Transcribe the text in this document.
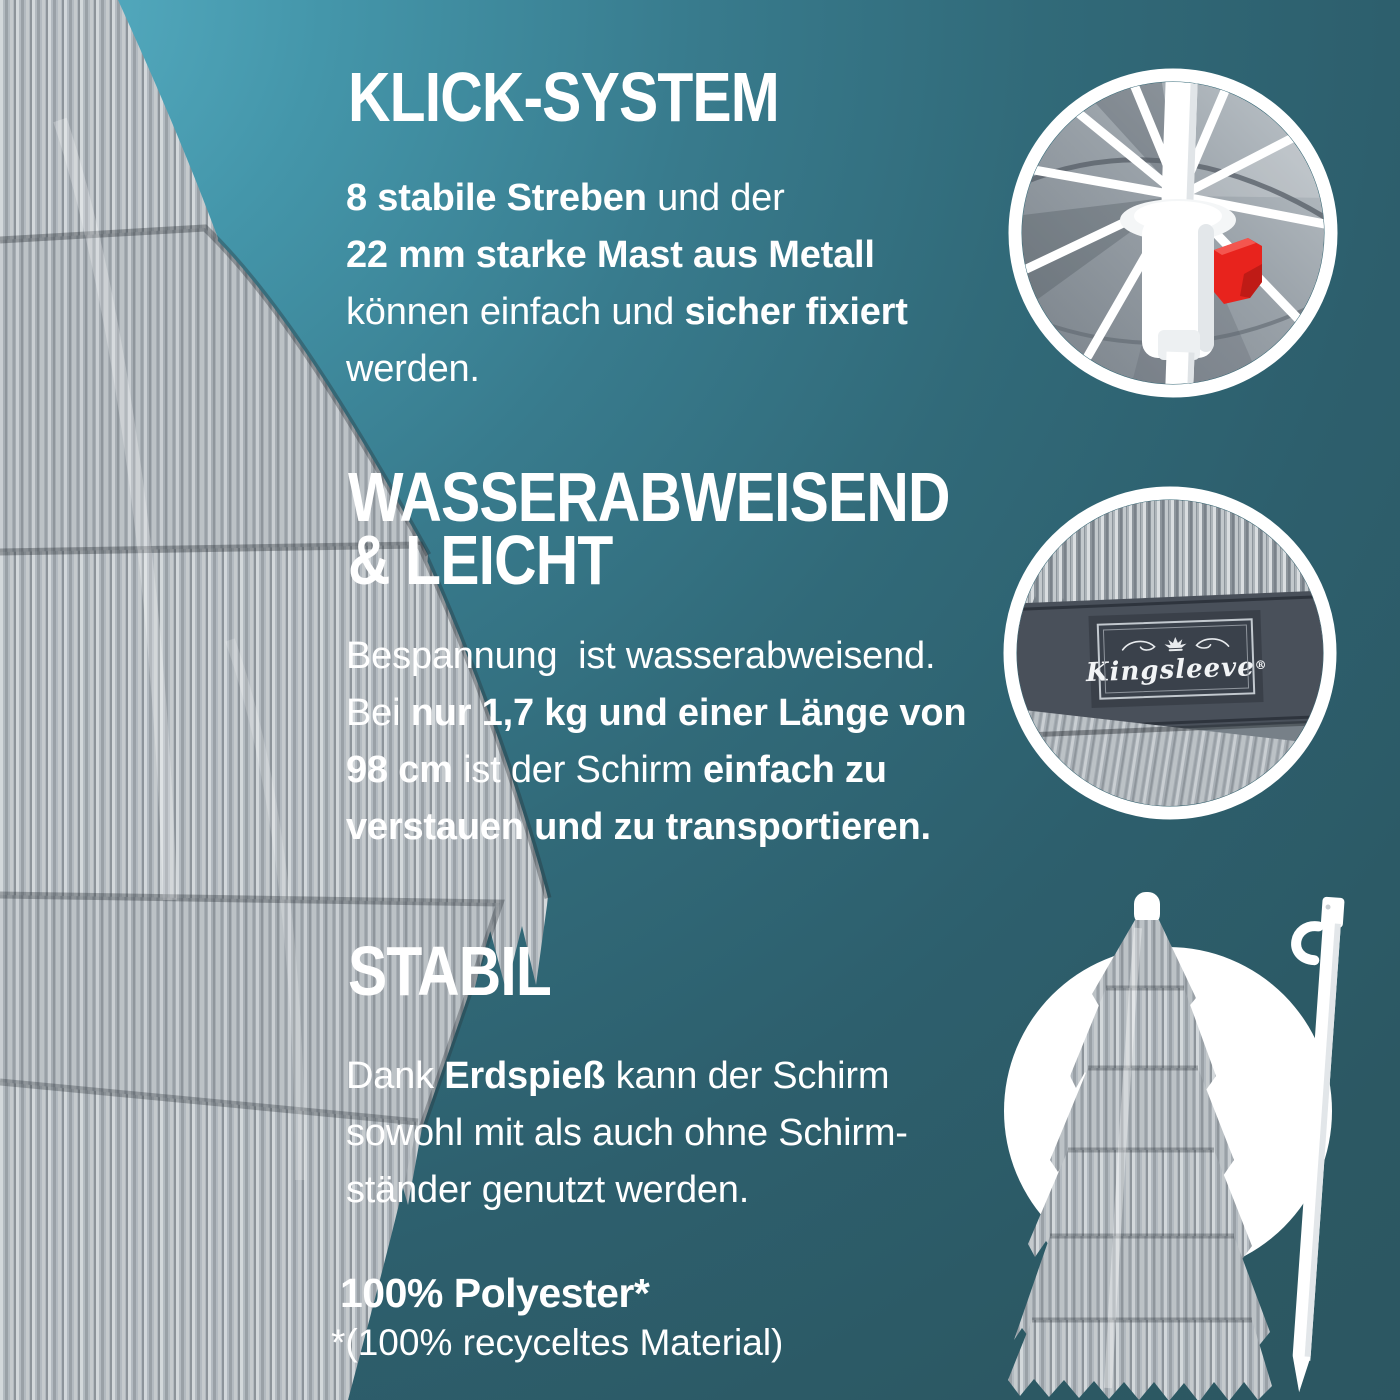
KLICK-SYSTEM
8 stabile Streben und der
22 mm starke Mast aus Metall
können einfach und sicher fixiert
werden.
WASSERABWEISEND
& LEICHT
Bespannung  ist wasserabweisend.
Bei nur 1,7 kg und einer Länge von
98 cm ist der Schirm einfach zu
verstauen und zu transportieren.
STABIL
Dank Erdspieß kann der Schirm
sowohl mit als auch ohne Schirm-
ständer genutzt werden.
100% Polyester*
*(100% recyceltes Material)
Kingsleeve®
